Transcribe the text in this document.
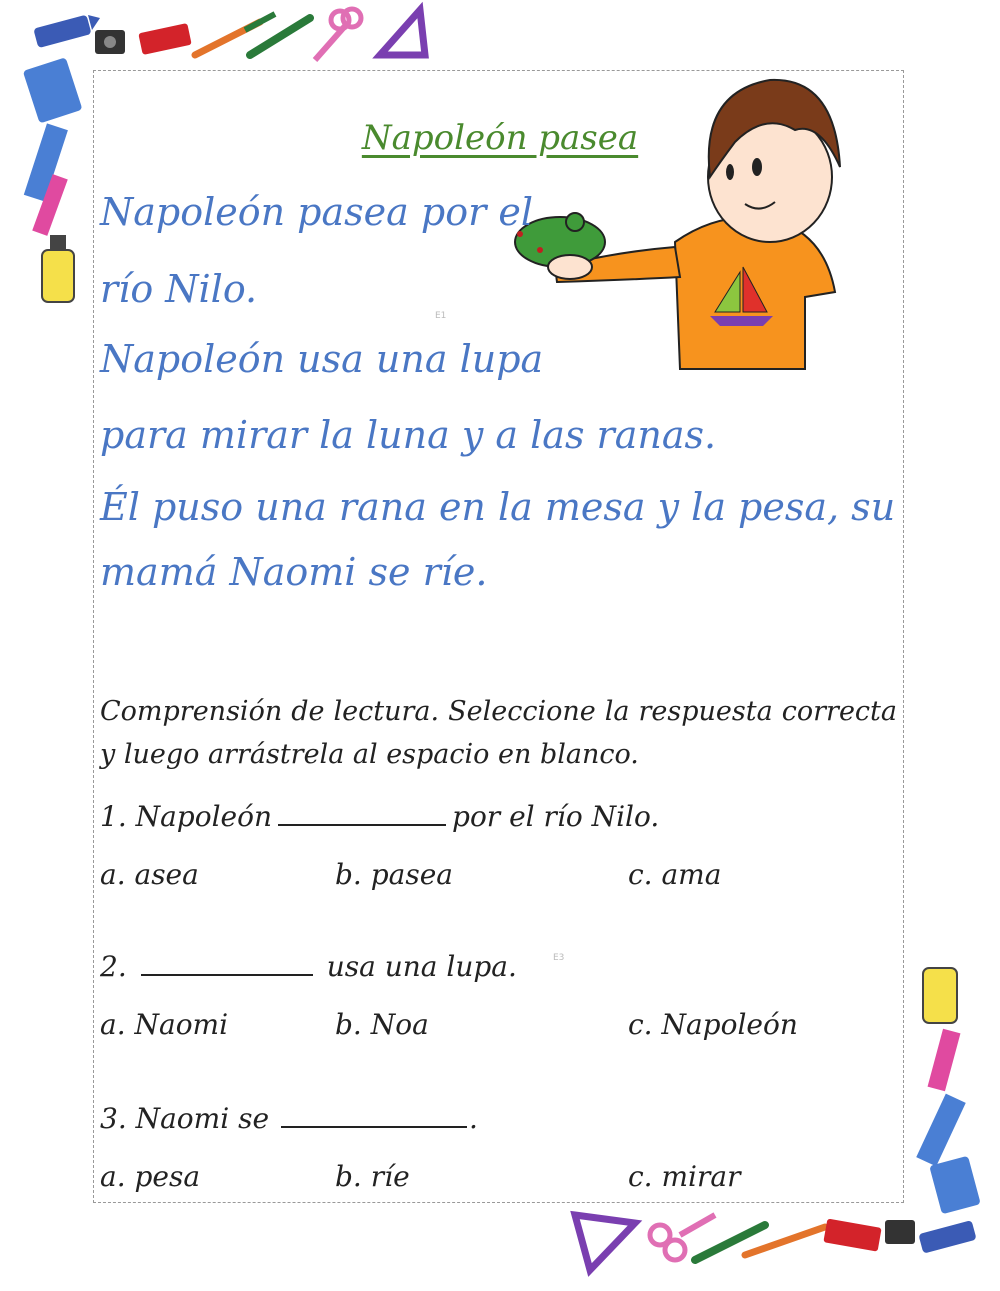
Napoleón pasea
Napoleón pasea por el
río Nilo.
Napoleón usa una lupa
para mirar la luna y a las ranas.
Él puso una rana en la mesa y la pesa, su
mamá Naomi se ríe.
E1
Comprensión de lectura. Seleccione la respuesta correcta y luego arrástrela al espacio en blanco.
1. Napoleón	por el río Nilo.
a. asea	b. pasea	c. ama
2.	usa una lupa.	E3
a. Naomi	b. Noa	c. Napoleón
3. Naomi se	.
a. pesa	b. ríe	c. mirar
